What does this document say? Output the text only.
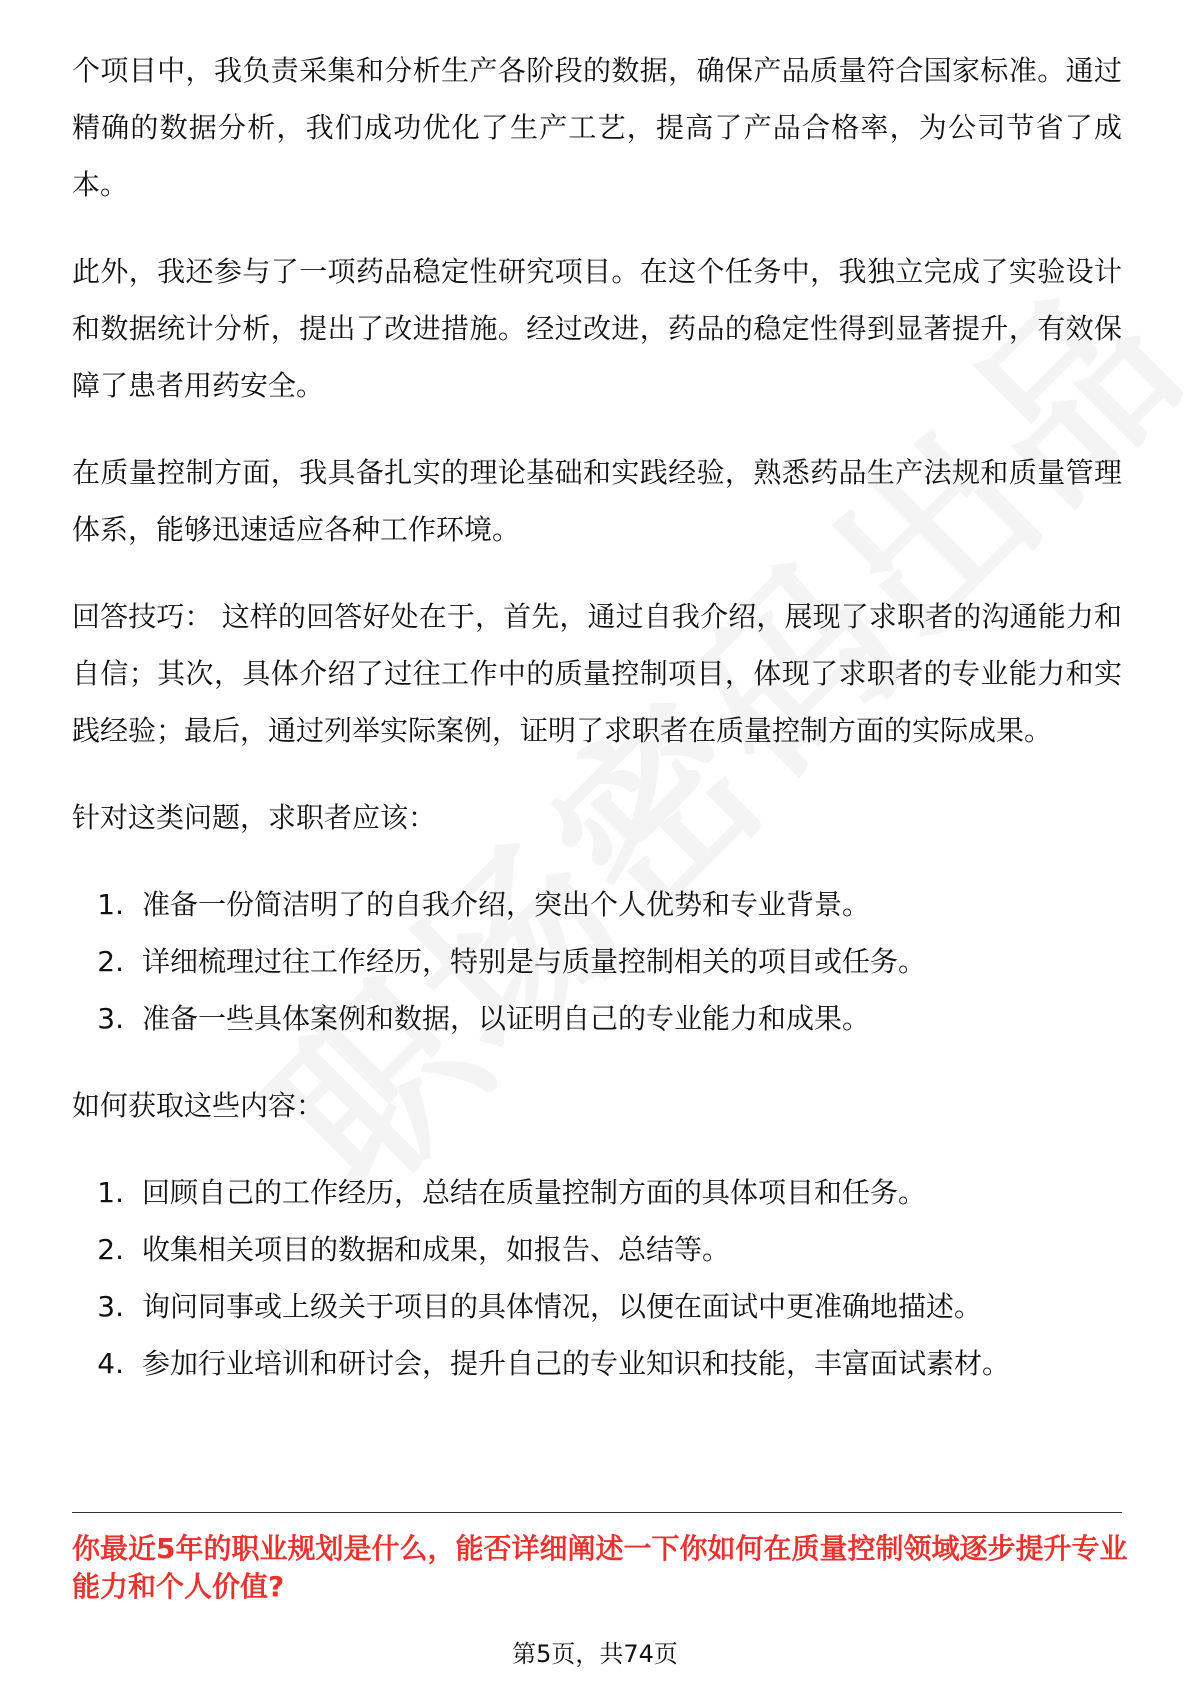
个项目中，我负责采集和分析生产各阶段的数据，确保产品质量符合国家标准。通过精确的数据分析，我们成功优化了生产工艺，提高了产品合格率，为公司节省了成本。

此外，我还参与了一项药品稳定性研究项目。在这个任务中，我独立完成了实验设计和数据统计分析，提出了改进措施。经过改进，药品的稳定性得到显著提升，有效保障了患者用药安全。

在质量控制方面，我具备扎实的理论基础和实践经验，熟悉药品生产法规和质量管理体系，能够迅速适应各种工作环境。

回答技巧： 这样的回答好处在于，首先，通过自我介绍，展现了求职者的沟通能力和自信；其次，具体介绍了过往工作中的质量控制项目，体现了求职者的专业能力和实践经验；最后，通过列举实际案例，证明了求职者在质量控制方面的实际成果。

针对这类问题，求职者应该：

1. 准备一份简洁明了的自我介绍，突出个人优势和专业背景。
2. 详细梳理过往工作经历，特别是与质量控制相关的项目或任务。
3. 准备一些具体案例和数据，以证明自己的专业能力和成果。

如何获取这些内容：

1. 回顾自己的工作经历，总结在质量控制方面的具体项目和任务。
2. 收集相关项目的数据和成果，如报告、总结等。
3. 询问同事或上级关于项目的具体情况，以便在面试中更准确地描述。
4. 参加行业培训和研讨会，提升自己的专业知识和技能，丰富面试素材。
你最近5年的职业规划是什么，能否详细阐述一下你如何在质量控制领域逐步提升专业能力和个人价值?
第5页，共74页
